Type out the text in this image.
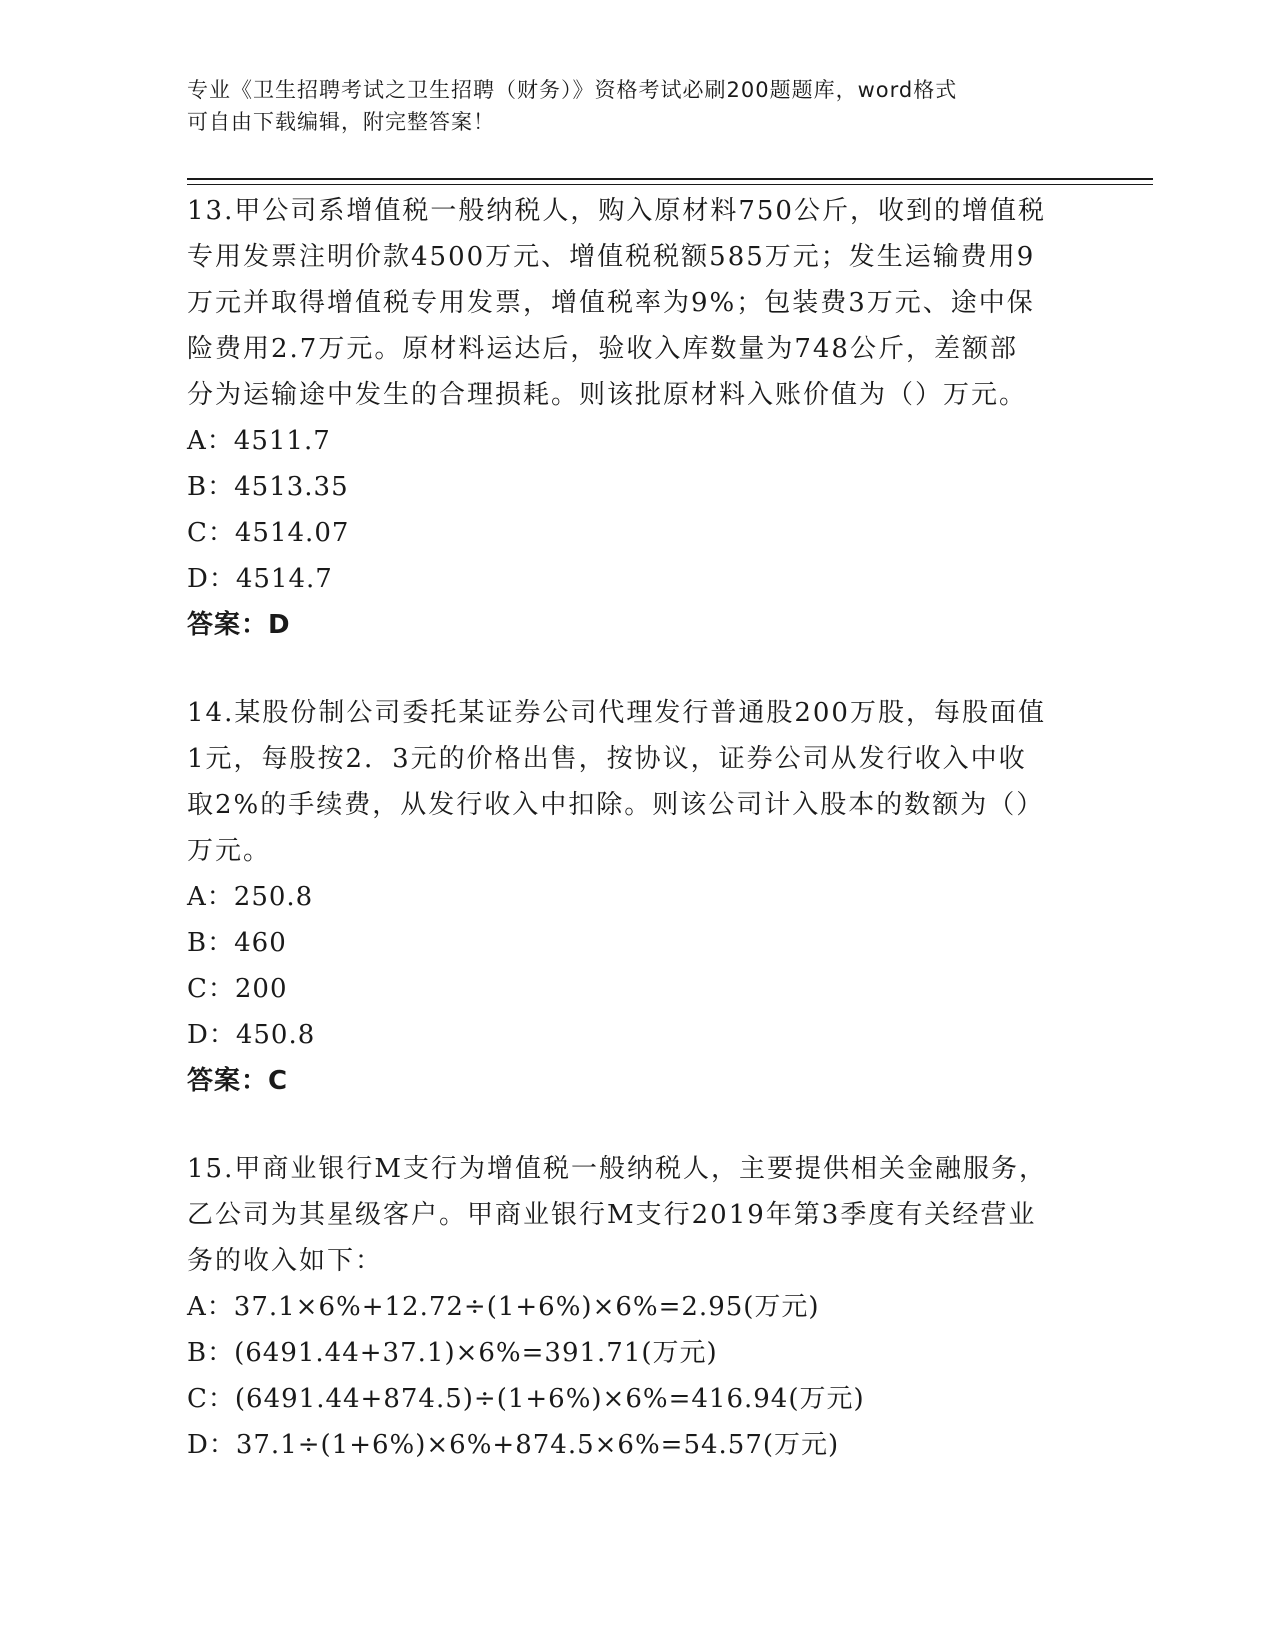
专业《卫生招聘考试之卫生招聘（财务）》资格考试必刷200题题库，word格式

可自由下载编辑，附完整答案！

13.甲公司系增值税一般纳税人，购入原材料750公斤，收到的增值税
专用发票注明价款4500万元、增值税税额585万元；发生运输费用9
万元并取得增值税专用发票，增值税率为9%；包装费3万元、途中保
险费用2.7万元。原材料运达后，验收入库数量为748公斤，差额部
分为运输途中发生的合理损耗。则该批原材料入账价值为（）万元。
A：4511.7
B：4513.35
C：4514.07
D：4514.7
答案：D
14.某股份制公司委托某证券公司代理发行普通股200万股，每股面值
1元，每股按2．3元的价格出售，按协议，证券公司从发行收入中收
取2%的手续费，从发行收入中扣除。则该公司计入股本的数额为（）
万元。
A：250.8
B：460
C：200
D：450.8
答案：C
15.甲商业银行M支行为增值税一般纳税人，主要提供相关金融服务，
乙公司为其星级客户。甲商业银行M支行2019年第3季度有关经营业
务的收入如下：
A：37.1×6%+12.72÷(1+6%)×6%=2.95(万元)
B：(6491.44+37.1)×6%=391.71(万元)
C：(6491.44+874.5)÷(1+6%)×6%=416.94(万元)
D：37.1÷(1+6%)×6%+874.5×6%=54.57(万元)
